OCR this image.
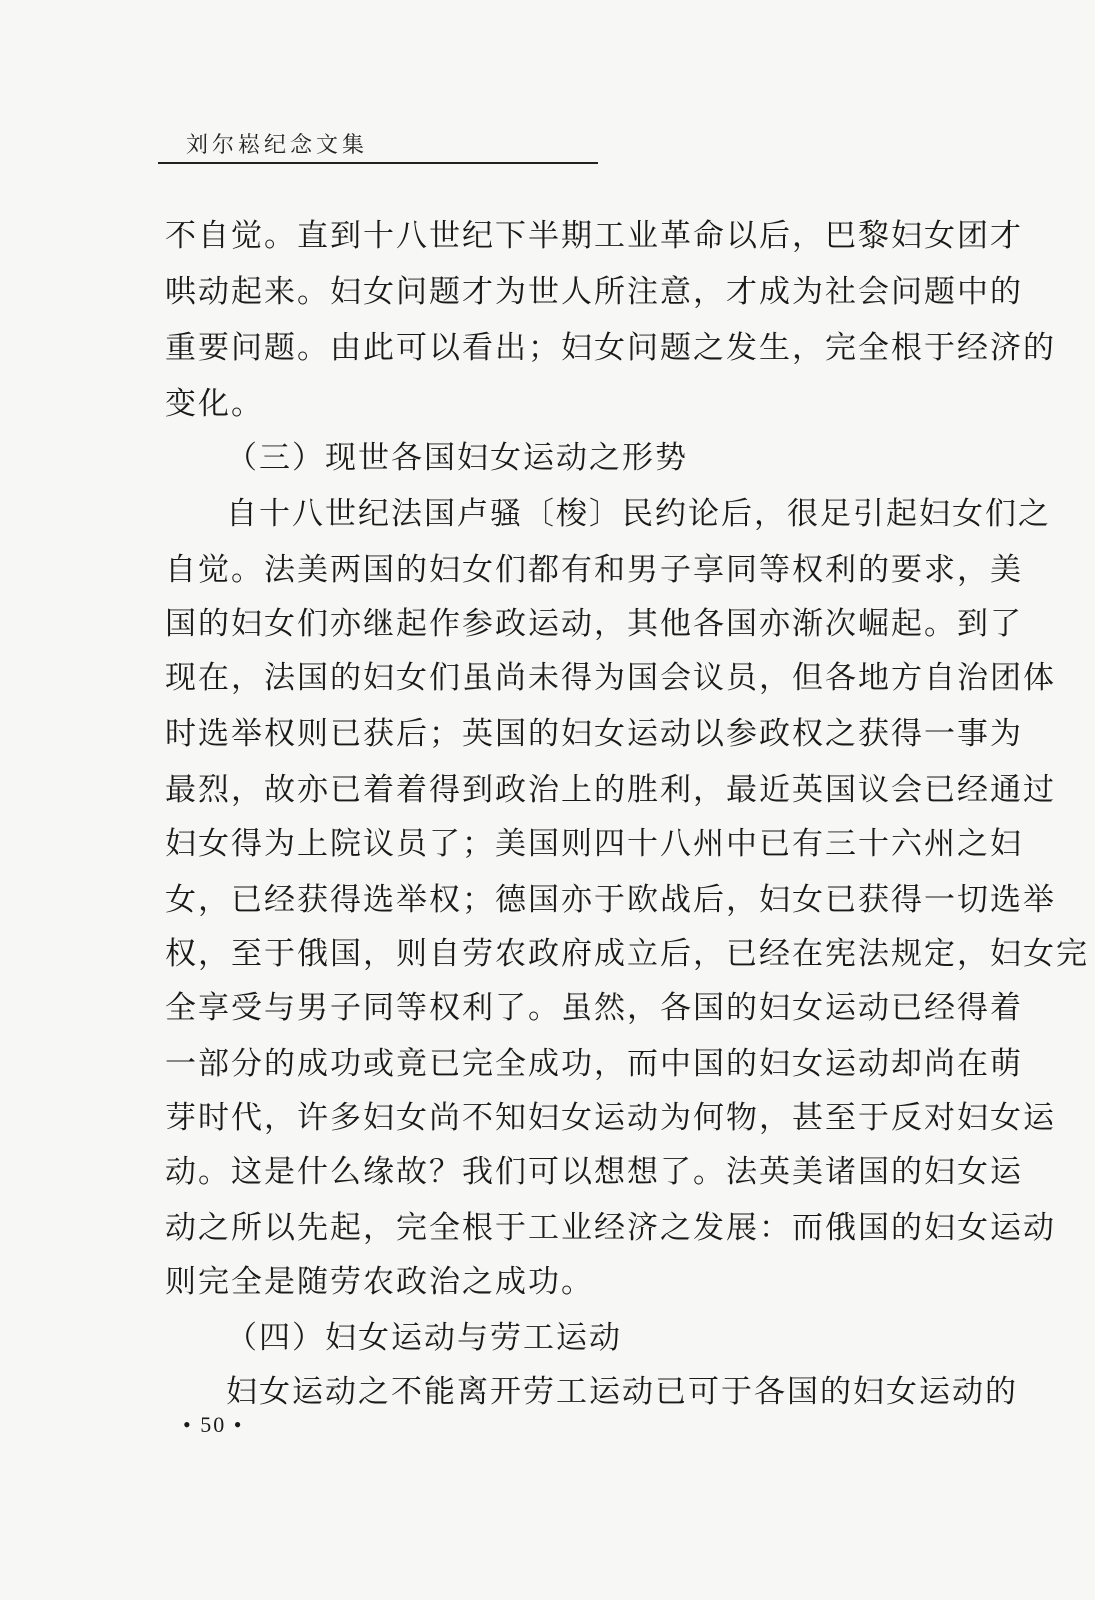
刘尔崧纪念文集
不自觉。直到十八世纪下半期工业革命以后，巴黎妇女团才
哄动起来。妇女问题才为世人所注意，才成为社会问题中的
重要问题。由此可以看出；妇女问题之发生，完全根于经济的
变化。
（三）现世各国妇女运动之形势
自十八世纪法国卢骚〔梭〕民约论后，很足引起妇女们之
自觉。法美两国的妇女们都有和男子享同等权利的要求，美
国的妇女们亦继起作参政运动，其他各国亦渐次崛起。到了
现在，法国的妇女们虽尚未得为国会议员，但各地方自治团体
时选举权则已获后；英国的妇女运动以参政权之获得一事为
最烈，故亦已着着得到政治上的胜利，最近英国议会已经通过
妇女得为上院议员了；美国则四十八州中已有三十六州之妇
女，已经获得选举权；德国亦于欧战后，妇女已获得一切选举
权，至于俄国，则自劳农政府成立后，已经在宪法规定，妇女完
全享受与男子同等权利了。虽然，各国的妇女运动已经得着
一部分的成功或竟已完全成功，而中国的妇女运动却尚在萌
芽时代，许多妇女尚不知妇女运动为何物，甚至于反对妇女运
动。这是什么缘故？我们可以想想了。法英美诸国的妇女运
动之所以先起，完全根于工业经济之发展：而俄国的妇女运动
则完全是随劳农政治之成功。
（四）妇女运动与劳工运动
妇女运动之不能离开劳工运动已可于各国的妇女运动的
• 50 •
